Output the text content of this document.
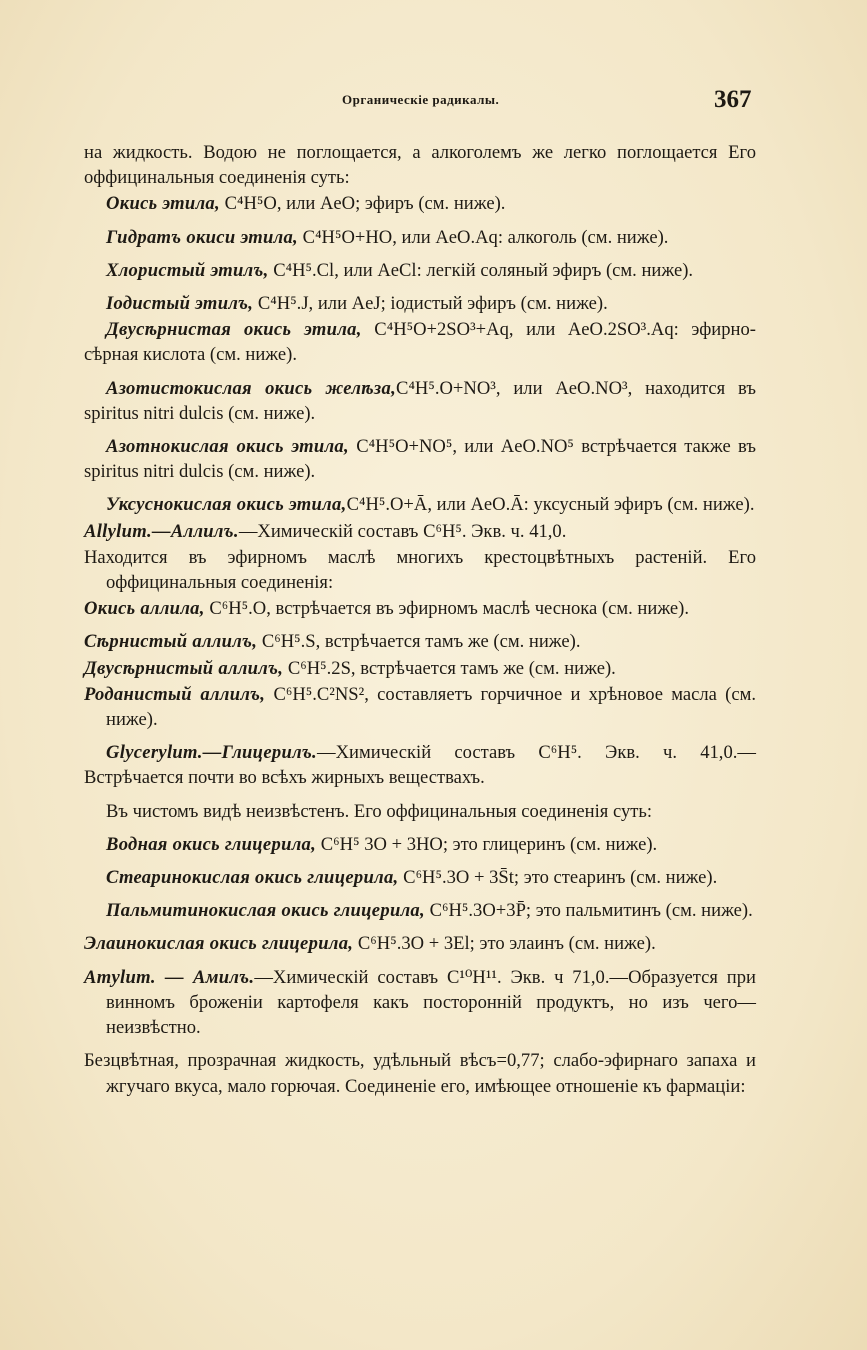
Органическіе радикалы.	367

на жидкость. Водою не поглощается, а алкоголемъ же легко поглощается Его оффицинальныя соединенія суть:

Окись этила, C⁴H⁵O, или AeO; эфиръ (см. ниже).

Гидратъ окиси этила, C⁴H⁵O+HO, или AeO.Aq: алкоголь (см. ниже).

Хлористый этилъ, C⁴H⁵.Cl, или AeCl: легкій соляный эфиръ (см. ниже).

Іодистый этилъ, C⁴H⁵.J, или AeJ; іодистый эфиръ (см. ниже).

Двусѣрнистая окись этила, C⁴H⁵O+2SO³+Aq, или AeO.2SO³.Aq: эфирно-сѣрная кислота (см. ниже).

Азотистокислая окись желѣза,C⁴H⁵.O+NO³, или AeO.NO³, находится въ spiritus nitri dulcis (см. ниже).

Азотнокислая окись этила, C⁴H⁵O+NO⁵, или AeO.NO⁵ встрѣчается также въ spiritus nitri dulcis (см. ниже).

Уксуснокислая окись этила,C⁴H⁵.O+Ā, или AeO.Ā: уксусный эфиръ (см. ниже).

Allylum.—Аллилъ.—Химическій составъ C⁶H⁵. Экв. ч. 41,0.

Находится въ эфирномъ маслѣ многихъ крестоцвѣтныхъ растеній. Его оффицинальныя соединенія:

Окись аллила, C⁶H⁵.O, встрѣчается въ эфирномъ маслѣ чеснока (см. ниже).

Сѣрнистый аллилъ, C⁶H⁵.S, встрѣчается тамъ же (см. ниже).

Двусѣрнистый аллилъ, C⁶H⁵.2S, встрѣчается тамъ же (см. ниже).

Роданистый аллилъ, C⁶H⁵.C²NS², составляетъ горчичное и хрѣновое масла (см. ниже).

Glycerylum.—Глицерилъ.—Химическій составъ C⁶H⁵. Экв. ч. 41,0.— Встрѣчается почти во всѣхъ жирныхъ веществахъ.

Въ чистомъ видѣ неизвѣстенъ. Его оффицинальныя соединенія суть:

Водная окись глицерила, C⁶H⁵ 3O + 3HO; это глицеринъ (см. ниже).

Стеаринокислая окись глицерила, C⁶H⁵.3O + 3S̄t; это стеаринъ (см. ниже).

Пальмитинокислая окись глицерила, C⁶H⁵.3O+3P̄; это пальмитинъ (см. ниже).

Элаинокислая окись глицерила, C⁶H⁵.3O + 3El; это элаинъ (см. ниже).

Amylum. — Амилъ.—Химическій составъ C¹⁰H¹¹. Экв. ч 71,0.—Образуется при винномъ броженіи картофеля какъ посторонній продуктъ, но изъ чего—неизвѣстно.

Безцвѣтная, прозрачная жидкость, удѣльный вѣсъ=0,77; слабо-эфирнаго запаха и жгучаго вкуса, мало горючая. Соединеніе его, имѣющее отношеніе къ фармаціи:
